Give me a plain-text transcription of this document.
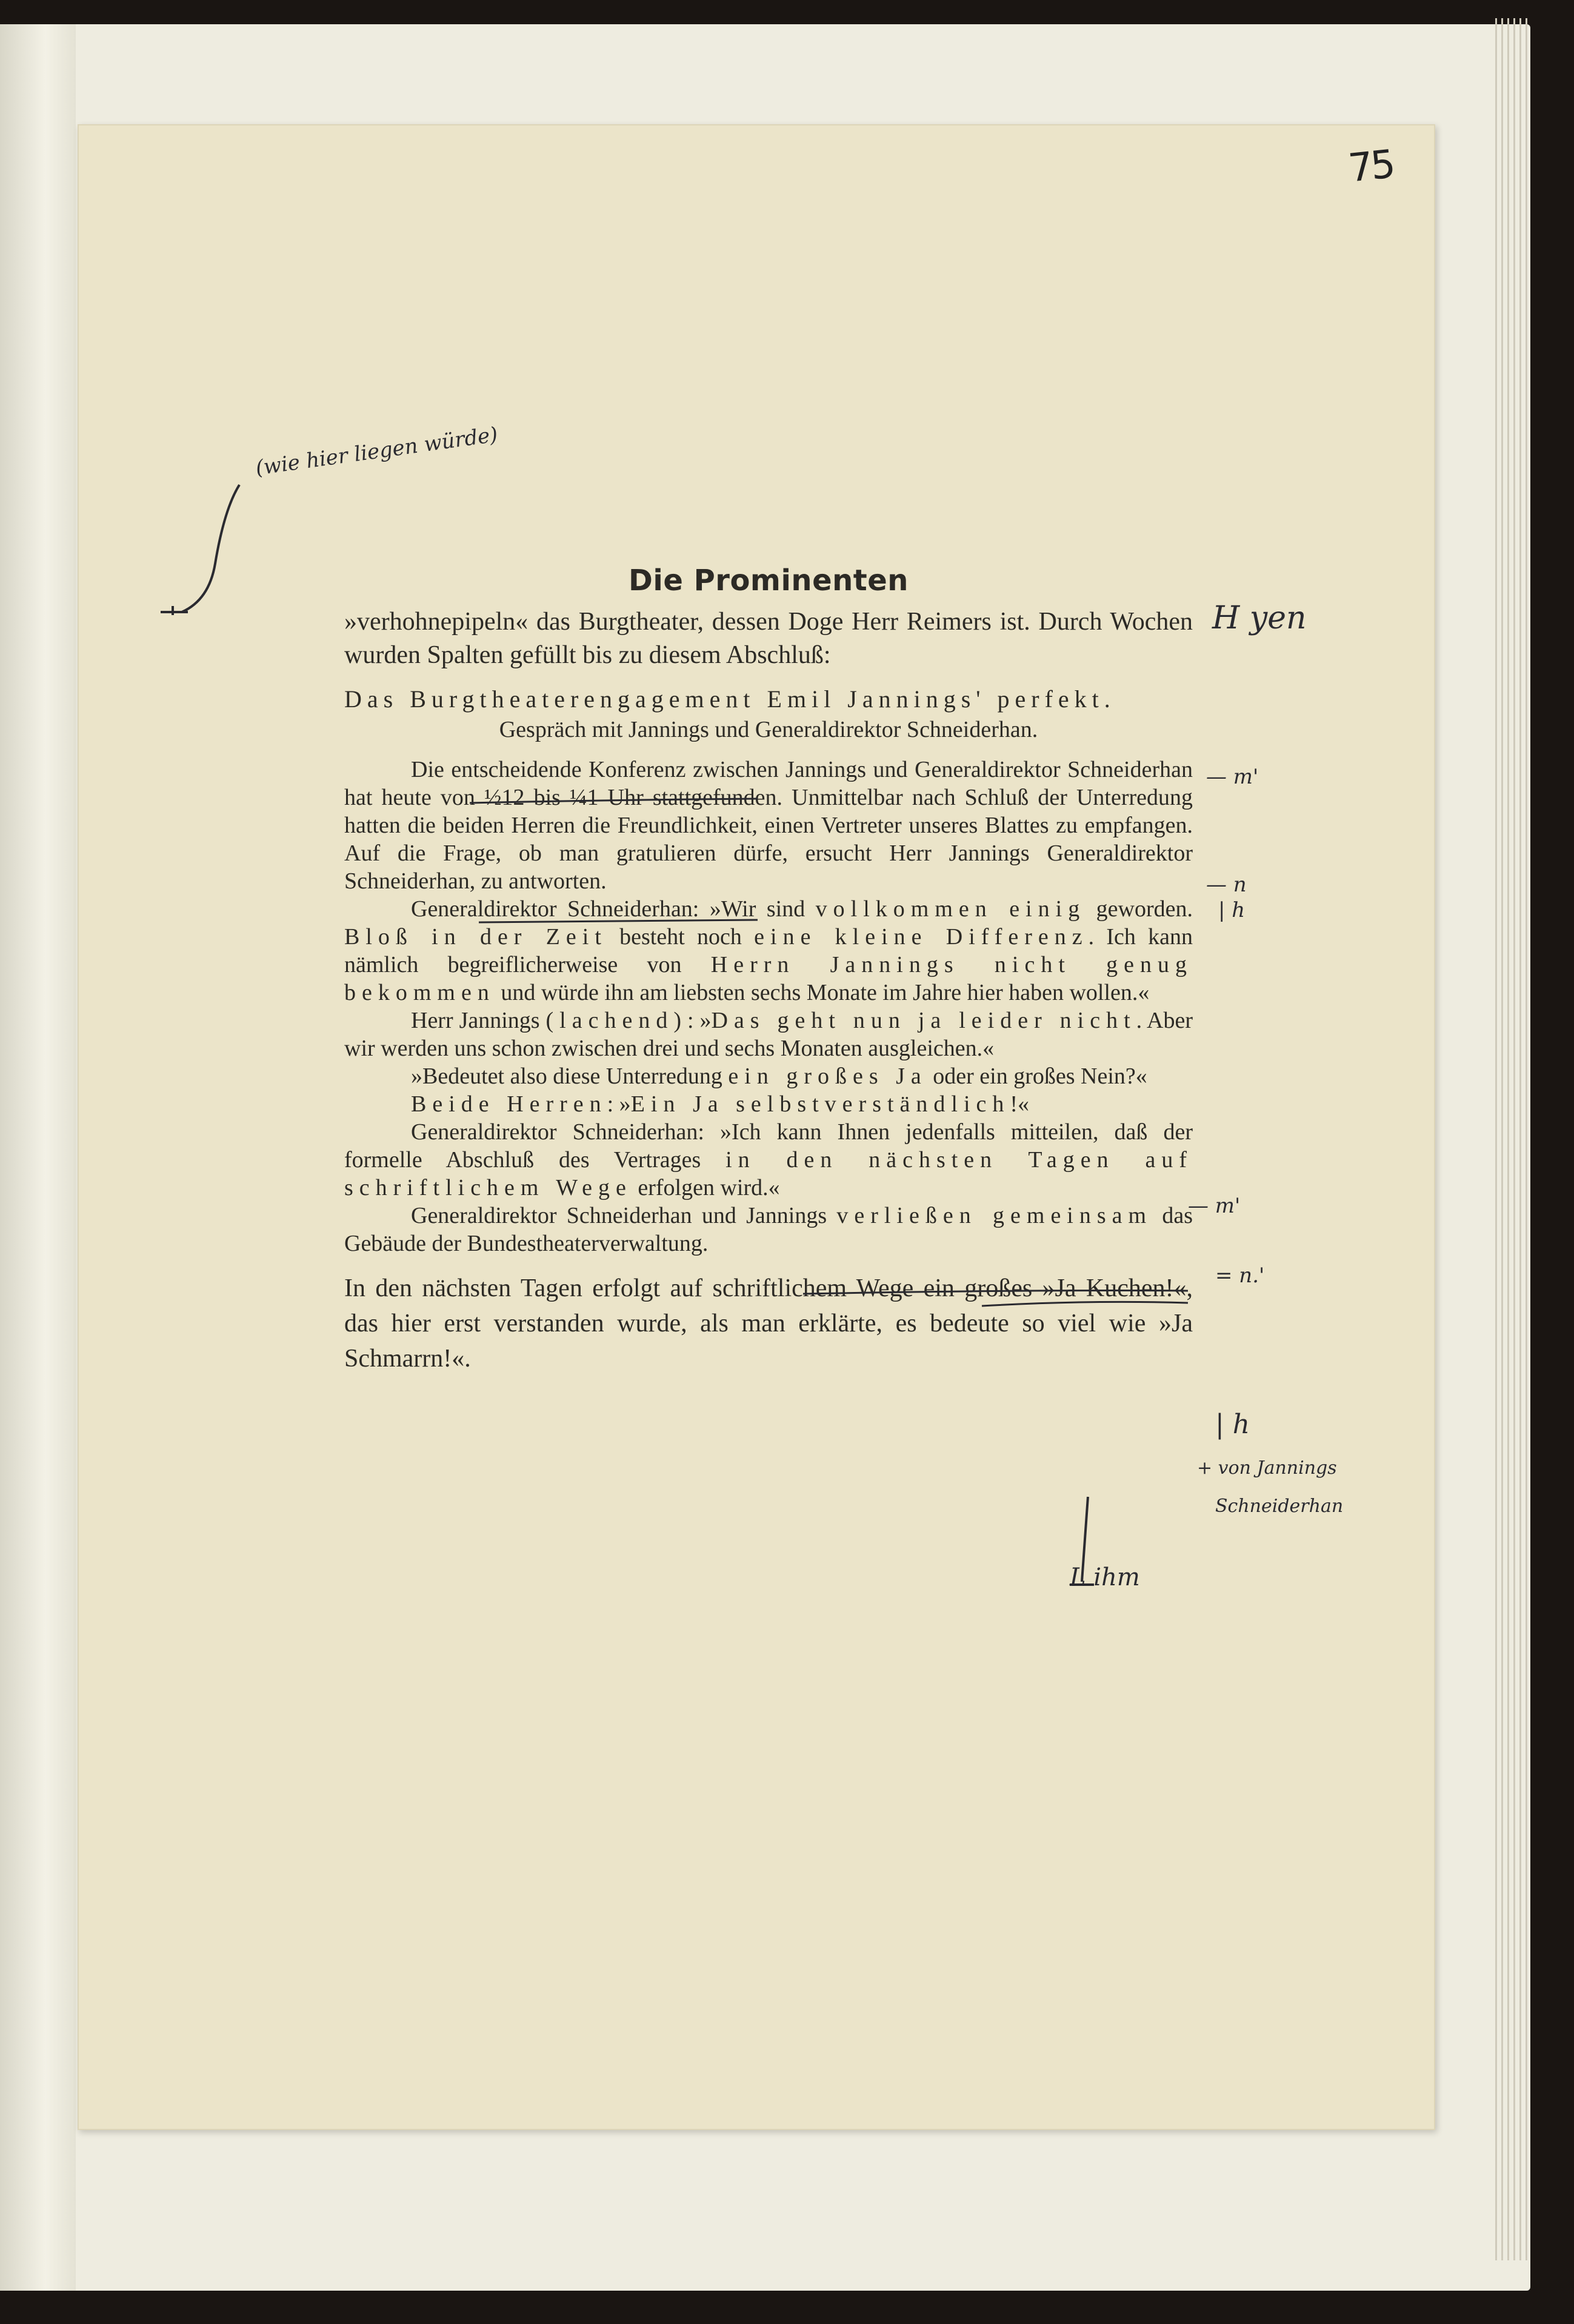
75

Die Prominenten

»verhohnepipeln« das Burgtheater, dessen Doge Herr Reimers ist. Durch Wochen wurden Spalten gefüllt bis zu diesem Abschluß:

Das Burgtheaterengagement Emil Jannings' perfekt.

Gespräch mit Jannings und Generaldirektor Schneiderhan.

Die entscheidende Konferenz zwischen Jannings und Generaldirektor Schneiderhan hat heute von ½12 bis ¼1 Uhr stattgefunden. Unmittelbar nach Schluß der Unterredung hatten die beiden Herren die Freundlichkeit, einen Vertreter unseres Blattes zu empfangen. Auf die Frage, ob man gratulieren dürfe, ersucht Herr Jannings Generaldirektor Schneiderhan, zu antworten.

Generaldirektor Schneiderhan: »Wir sind vollkommen einig geworden. Bloß in der Zeit besteht noch eine kleine Differenz. Ich kann nämlich begreiflicherweise von Herrn Jannings nicht genug bekommen und würde ihn am liebsten sechs Monate im Jahre hier haben wollen.«

Herr Jannings (lachend): »Das geht nun ja leider nicht. Aber wir werden uns schon zwischen drei und sechs Monaten ausgleichen.«

»Bedeutet also diese Unterredung ein großes Ja oder ein großes Nein?«

Beide Herren: »Ein Ja selbstverständlich!«

Generaldirektor Schneiderhan: »Ich kann Ihnen jedenfalls mitteilen, daß der formelle Abschluß des Vertrages in den nächsten Tagen auf schriftlichem Wege erfolgen wird.«

Generaldirektor Schneiderhan und Jannings verließen gemeinsam das Gebäude der Bundestheaterverwaltung.

In den nächsten Tagen erfolgt auf schriftlichem Wege ein großes »Ja Kuchen!«, das hier erst verstanden wurde, als man erklärte, es bedeute so viel wie »Ja Schmarrn!«.

(wie hier liegen würde)
H yen
— m'
— n
| h
— m'
= n.'
| h
+ von Jannings
Schneiderhan
L ihm
